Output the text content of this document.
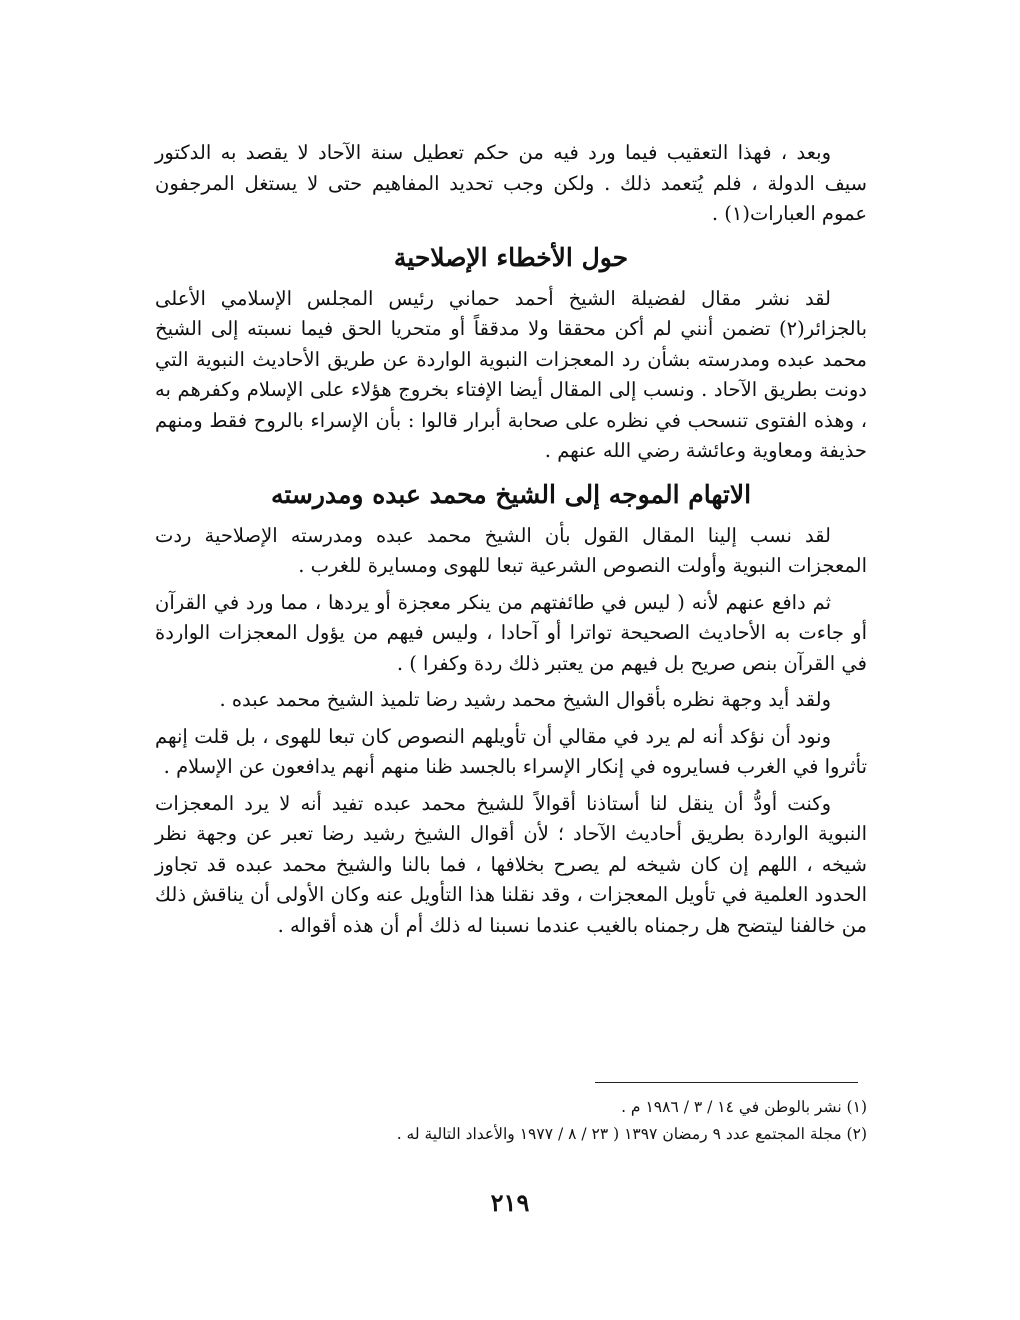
وبعد ، فهذا التعقيب فيما ورد فيه من حكم تعطيل سنة الآحاد لا يقصد به الدكتور سيف الدولة ، فلم يُتعمد ذلك . ولكن وجب تحديد المفاهيم حتى لا يستغل المرجفون عموم العبارات(١) .

حول الأخطاء الإصلاحية

لقد نشر مقال لفضيلة الشيخ أحمد حماني رئيس المجلس الإسلامي الأعلى بالجزائر(٢) تضمن أنني لم أكن محققا ولا مدققاً أو متحريا الحق فيما نسبته إلى الشيخ محمد عبده ومدرسته بشأن رد المعجزات النبوية الواردة عن طريق الأحاديث النبوية التي دونت بطريق الآحاد . ونسب إلى المقال أيضا الإفتاء بخروج هؤلاء على الإسلام وكفرهم به ، وهذه الفتوى تنسحب في نظره على صحابة أبرار قالوا : بأن الإسراء بالروح فقط ومنهم حذيفة ومعاوية وعائشة رضي الله عنهم .

الاتهام الموجه إلى الشيخ محمد عبده ومدرسته

لقد نسب إلينا المقال القول بأن الشيخ محمد عبده ومدرسته الإصلاحية ردت المعجزات النبوية وأولت النصوص الشرعية تبعا للهوى ومسايرة للغرب .

ثم دافع عنهم لأنه ( ليس في طائفتهم من ينكر معجزة أو يردها ، مما ورد في القرآن أو جاءت به الأحاديث الصحيحة تواترا أو آحادا ، وليس فيهم من يؤول المعجزات الواردة في القرآن بنص صريح بل فيهم من يعتبر ذلك ردة وكفرا ) .

ولقد أيد وجهة نظره بأقوال الشيخ محمد رشيد رضا تلميذ الشيخ محمد عبده .

ونود أن نؤكد أنه لم يرد في مقالي أن تأويلهم النصوص كان تبعا للهوى ، بل قلت إنهم تأثروا في الغرب فسايروه في إنكار الإسراء بالجسد ظنا منهم أنهم يدافعون عن الإسلام .

وكنت أودُّ أن ينقل لنا أستاذنا أقوالاً للشيخ محمد عبده تفيد أنه لا يرد المعجزات النبوية الواردة بطريق أحاديث الآحاد ؛ لأن أقوال الشيخ رشيد رضا تعبر عن وجهة نظر شيخه ، اللهم إن كان شيخه لم يصرح بخلافها ، فما بالنا والشيخ محمد عبده قد تجاوز الحدود العلمية في تأويل المعجزات ، وقد نقلنا هذا التأويل عنه وكان الأولى أن يناقش ذلك من خالفنا ليتضح هل رجمناه بالغيب عندما نسبنا له ذلك أم أن هذه أقواله .

(١) نشر بالوطن في ١٤ / ٣ / ١٩٨٦ م .

(٢) مجلة المجتمع عدد ٩ رمضان ١٣٩٧ ( ٢٣ / ٨ / ١٩٧٧ والأعداد التالية له .

٢١٩
